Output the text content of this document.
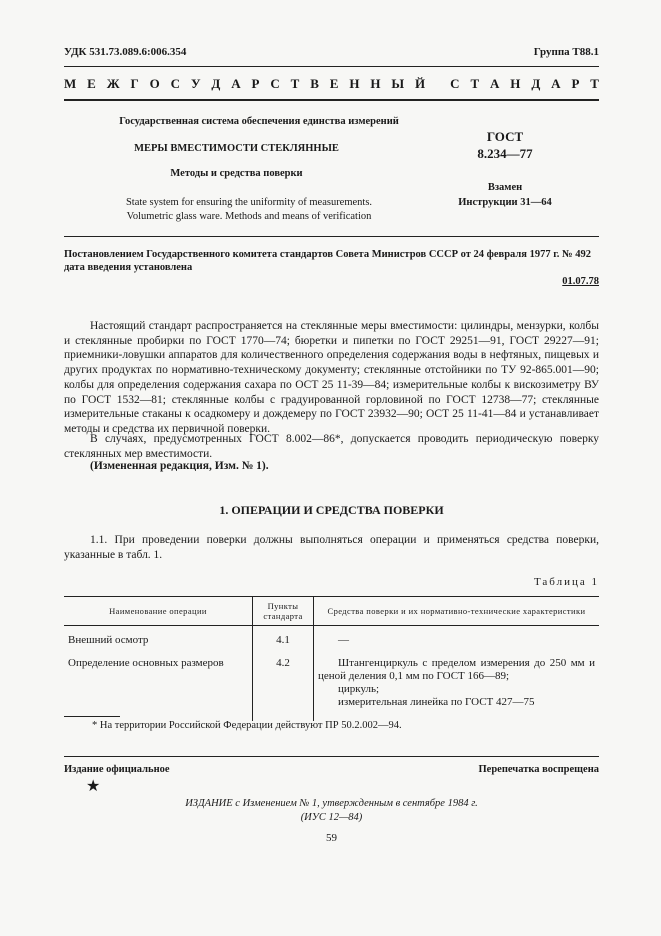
УДК 531.73.089.6:006.354	Группа Т88.1
М Е Ж Г О С У Д А Р С Т В Е Н Н Ы Й
С Т А Н Д А Р Т
Государственная система обеспечения единства измерений
МЕРЫ ВМЕСТИМОСТИ СТЕКЛЯННЫЕ
Методы и средства поверки
State system for ensuring the uniformity of measurements.
Volumetric glass ware. Methods and means of verification
ГОСТ
8.234—77
Взамен
Инструкции 31—64
Постановлением Государственного комитета стандартов Совета Министров СССР от 24 февраля 1977 г. № 492 дата введения установлена
01.07.78
Настоящий стандарт распространяется на стеклянные меры вместимости: цилиндры, мензурки, колбы и стеклянные пробирки по ГОСТ 1770—74; бюретки и пипетки по ГОСТ 29251—91, ГОСТ 29227—91; приемники-ловушки аппаратов для количественного определения содержания воды в нефтяных, пищевых и других продуктах по нормативно-техническому документу; стеклянные отстойники по ТУ 92-865.001—90; колбы для определения содержания сахара по ОСТ 25 11-39—84; измерительные колбы к вискозиметру ВУ по ГОСТ 1532—81; стеклянные колбы с градуированной горловиной по ГОСТ 12738—77; стеклянные измерительные стаканы к осадкомеру и дождемеру по ГОСТ 23932—90; ОСТ 25 11-41—84 и устанавливает методы и средства их первичной поверки.
В случаях, предусмотренных ГОСТ 8.002—86*, допускается проводить периодическую поверку стеклянных мер вместимости.
(Измененная редакция, Изм. № 1).
1. ОПЕРАЦИИ И СРЕДСТВА ПОВЕРКИ
1.1. При проведении поверки должны выполняться операции и применяться средства поверки, указанные в табл. 1.
Таблица 1
Наименование операции	Пункты стандарта	Средства поверки и их нормативно-технические характеристики
Внешний осмотр	4.1	—

Определение основных размеров	4.2	Штангенциркуль с пределом измерения до 250 мм и ценой деления 0,1 мм по ГОСТ 166—89;
циркуль;
измерительная линейка по ГОСТ 427—75
* На территории Российской Федерации действуют ПР 50.2.002—94.
Издание официальное	Перепечатка воспрещена
★
ИЗДАНИЕ с Изменением № 1, утвержденным в сентябре 1984 г.
(ИУС 12—84)
59
